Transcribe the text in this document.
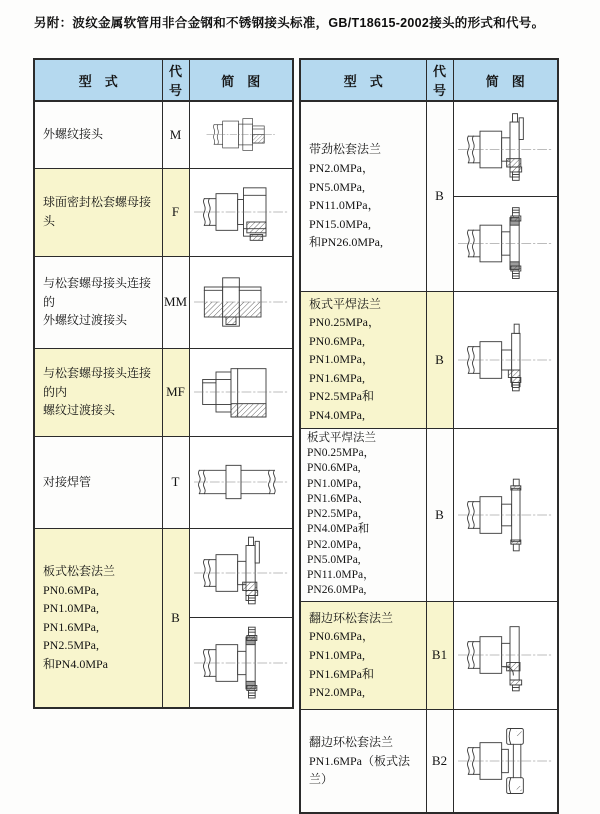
另附：波纹金属软管用非合金钢和不锈钢接头标准，GB/T18615-2002接头的形式和代号。
型　式	代号	简　图

外螺纹接头	M	

球面密封松套螺母接头	F	

与松套螺母接头连接的
外螺纹过渡接头	MM	

与松套螺母接头连接的内
螺纹过渡接头	MF	

对接焊管	T	

板式松套法兰
PN0.6MPa, PN1.0MPa,
PN1.6MPa, PN2.5MPa,
和PN4.0MPa	B	
型　式	代号	简　图

带劲松套法兰
PN2.0MPa，PN5.0MPa,
PN11.0MPa，PN15.0MPa,
和PN26.0MPa,	B	

板式平焊法兰
PN0.25MPa，PN0.6MPa,
PN1.0MPa，PN1.6MPa,
PN2.5MPa和PN4.0MPa,	B	

板式平焊法兰
PN0.25MPa，PN0.6MPa,
PN1.0MPa，PN1.6MPa、
PN2.5MPa，PN4.0MPa和
PN2.0MPa，PN5.0MPa,
PN11.0MPa，PN26.0MPa,
	B	

翻边环松套法兰
PN0.6MPa，PN1.0MPa,
PN1.6MPa和PN2.0MPa,	B1	

翻边环松套法兰
PN1.6MPa（板式法兰）	B2	
